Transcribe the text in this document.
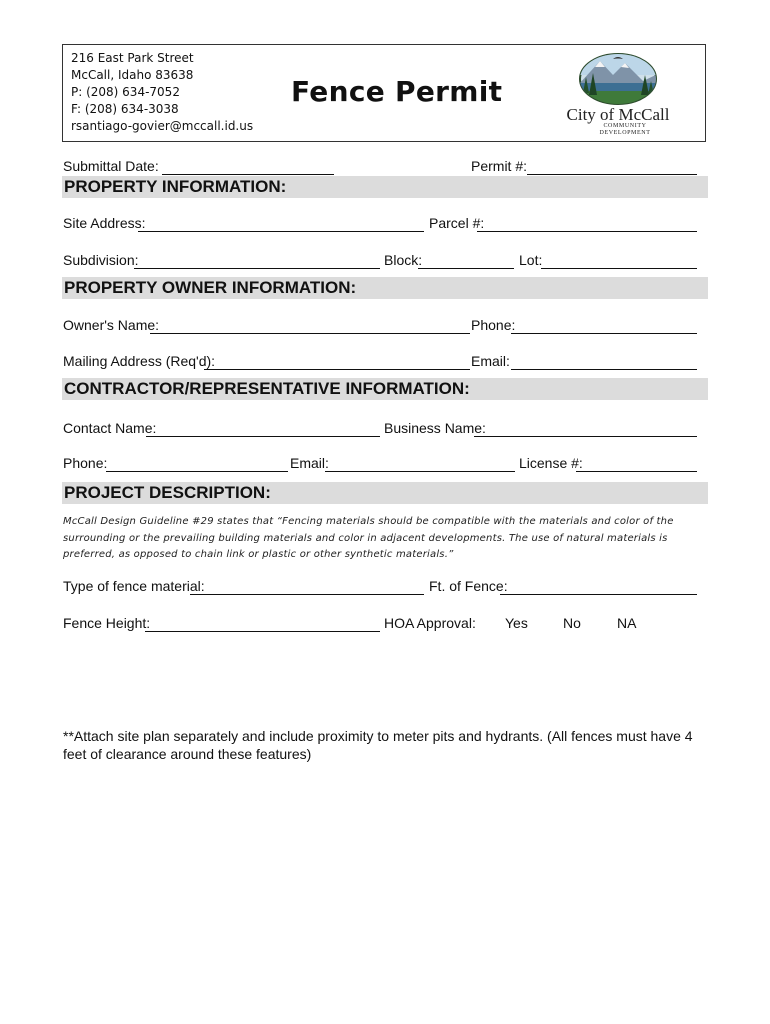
216 East Park Street
McCall, Idaho 83638
P: (208) 634-7052
F: (208) 634-3038
rsantiago-govier@mccall.id.us
Fence Permit
City of McCall
COMMUNITY
DEVELOPMENT
Submittal Date:	Permit #:
PROPERTY INFORMATION:
Site Address:	Parcel #:
Subdivision:	Block:	Lot:
PROPERTY OWNER INFORMATION:
Owner's Name:	Phone:
Mailing Address (Req'd):	Email:
CONTRACTOR/REPRESENTATIVE INFORMATION:
Contact Name:	Business Name:
Phone:	Email:	License #:
PROJECT DESCRIPTION:
McCall Design Guideline #29 states that “Fencing materials should be compatible with the materials and color of the surrounding or the prevailing building materials and color in adjacent developments. The use of natural materials is preferred, as opposed to chain link or plastic or other synthetic materials.”
Type of fence material:	Ft. of Fence:
Fence Height:	HOA Approval: Yes	No	NA
**Attach site plan separately and include proximity to meter pits and hydrants. (All fences must have 4 feet of clearance around these features)
